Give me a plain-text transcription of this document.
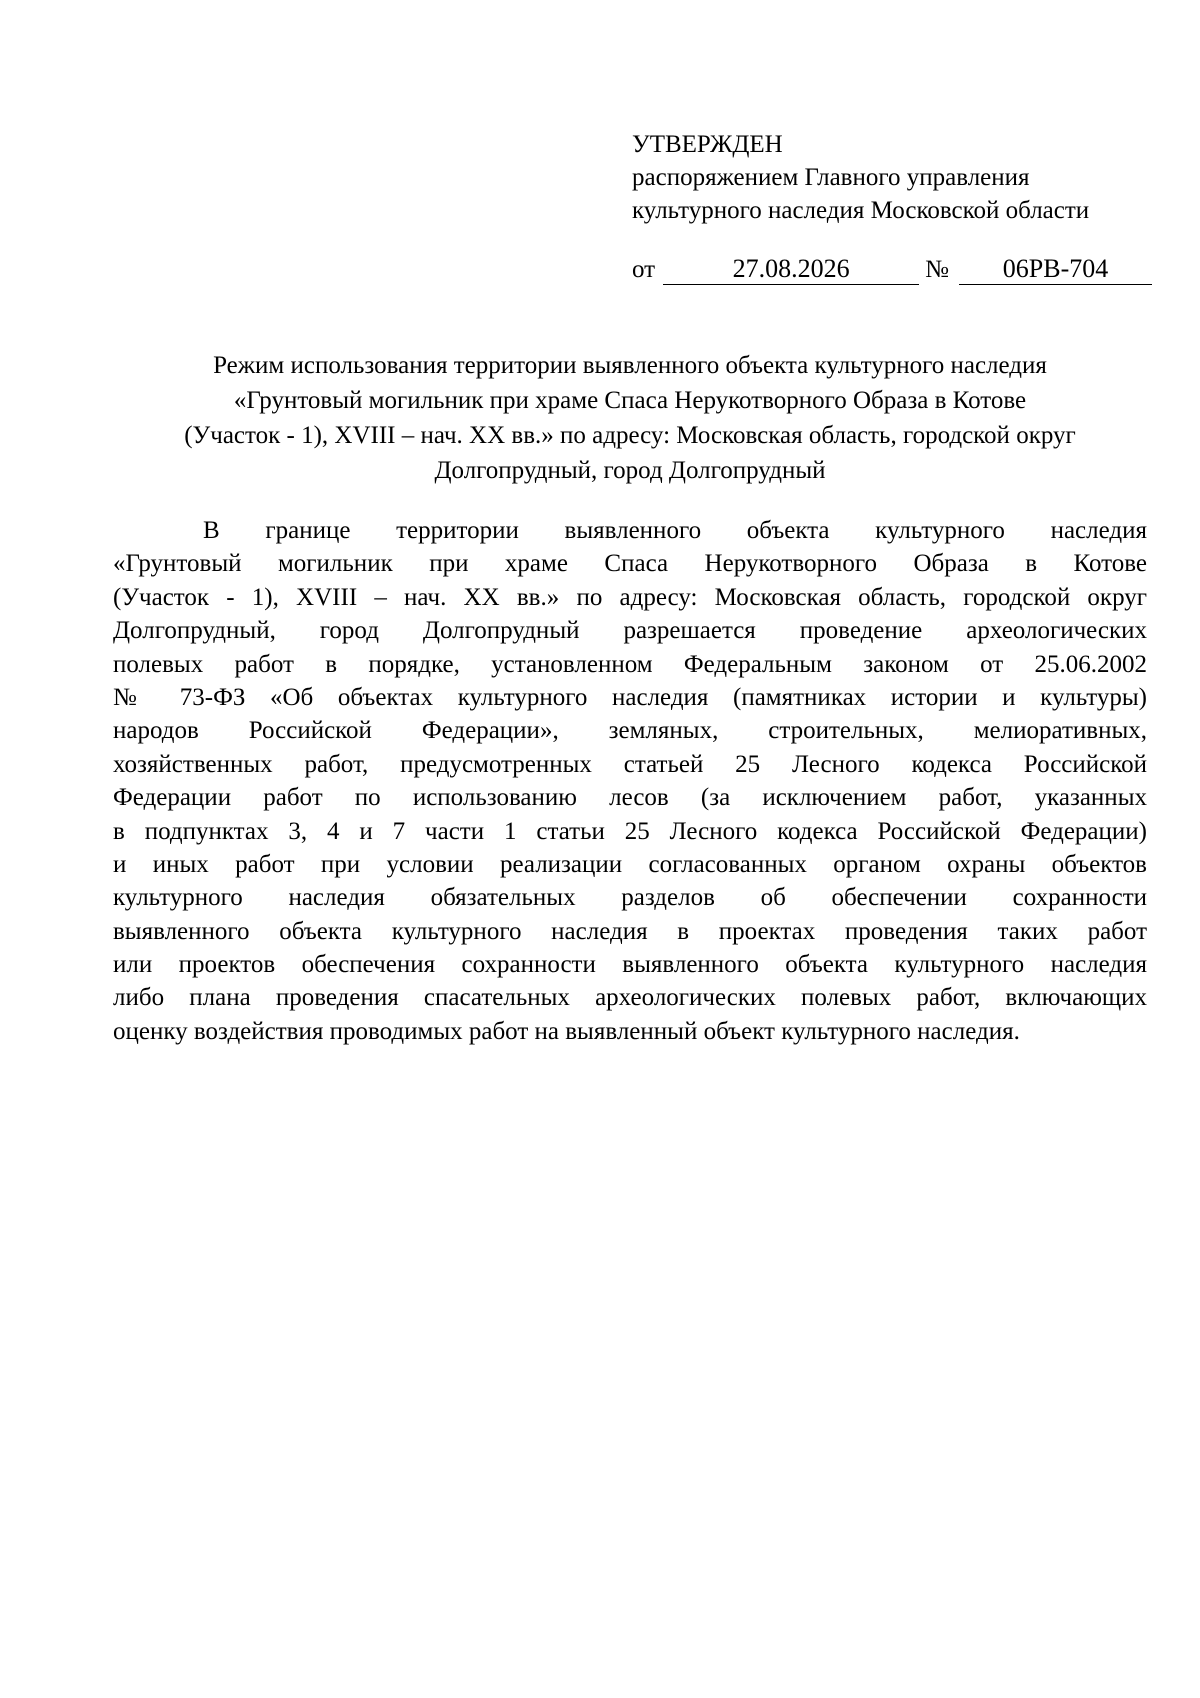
УТВЕРЖДЕН
распоряжением Главного управления
культурного наследия Московской области
от	27.08.2026	№	06РВ-704
Режим использования территории выявленного объекта культурного наследия
«Грунтовый могильник при храме Спаса Нерукотворного Образа в Котове
(Участок - 1), XVIII – нач. XX вв.» по адресу: Московская область, городской округ
Долгопрудный, город Долгопрудный
В границе территории выявленного объекта культурного наследия
«Грунтовый могильник при храме Спаса Нерукотворного Образа в Котове
(Участок - 1), XVIII – нач. XX вв.» по адресу: Московская область, городской округ
Долгопрудный, город Долгопрудный разрешается проведение археологических
полевых работ в порядке, установленном Федеральным законом от 25.06.2002
№ 73-ФЗ «Об объектах культурного наследия (памятниках истории и культуры)
народов Российской Федерации», земляных, строительных, мелиоративных,
хозяйственных работ, предусмотренных статьей 25 Лесного кодекса Российской
Федерации работ по использованию лесов (за исключением работ, указанных
в подпунктах 3, 4 и 7 части 1 статьи 25 Лесного кодекса Российской Федерации)
и иных работ при условии реализации согласованных органом охраны объектов
культурного наследия обязательных разделов об обеспечении сохранности
выявленного объекта культурного наследия в проектах проведения таких работ
или проектов обеспечения сохранности выявленного объекта культурного наследия
либо плана проведения спасательных археологических полевых работ, включающих
оценку воздействия проводимых работ на выявленный объект культурного наследия.
